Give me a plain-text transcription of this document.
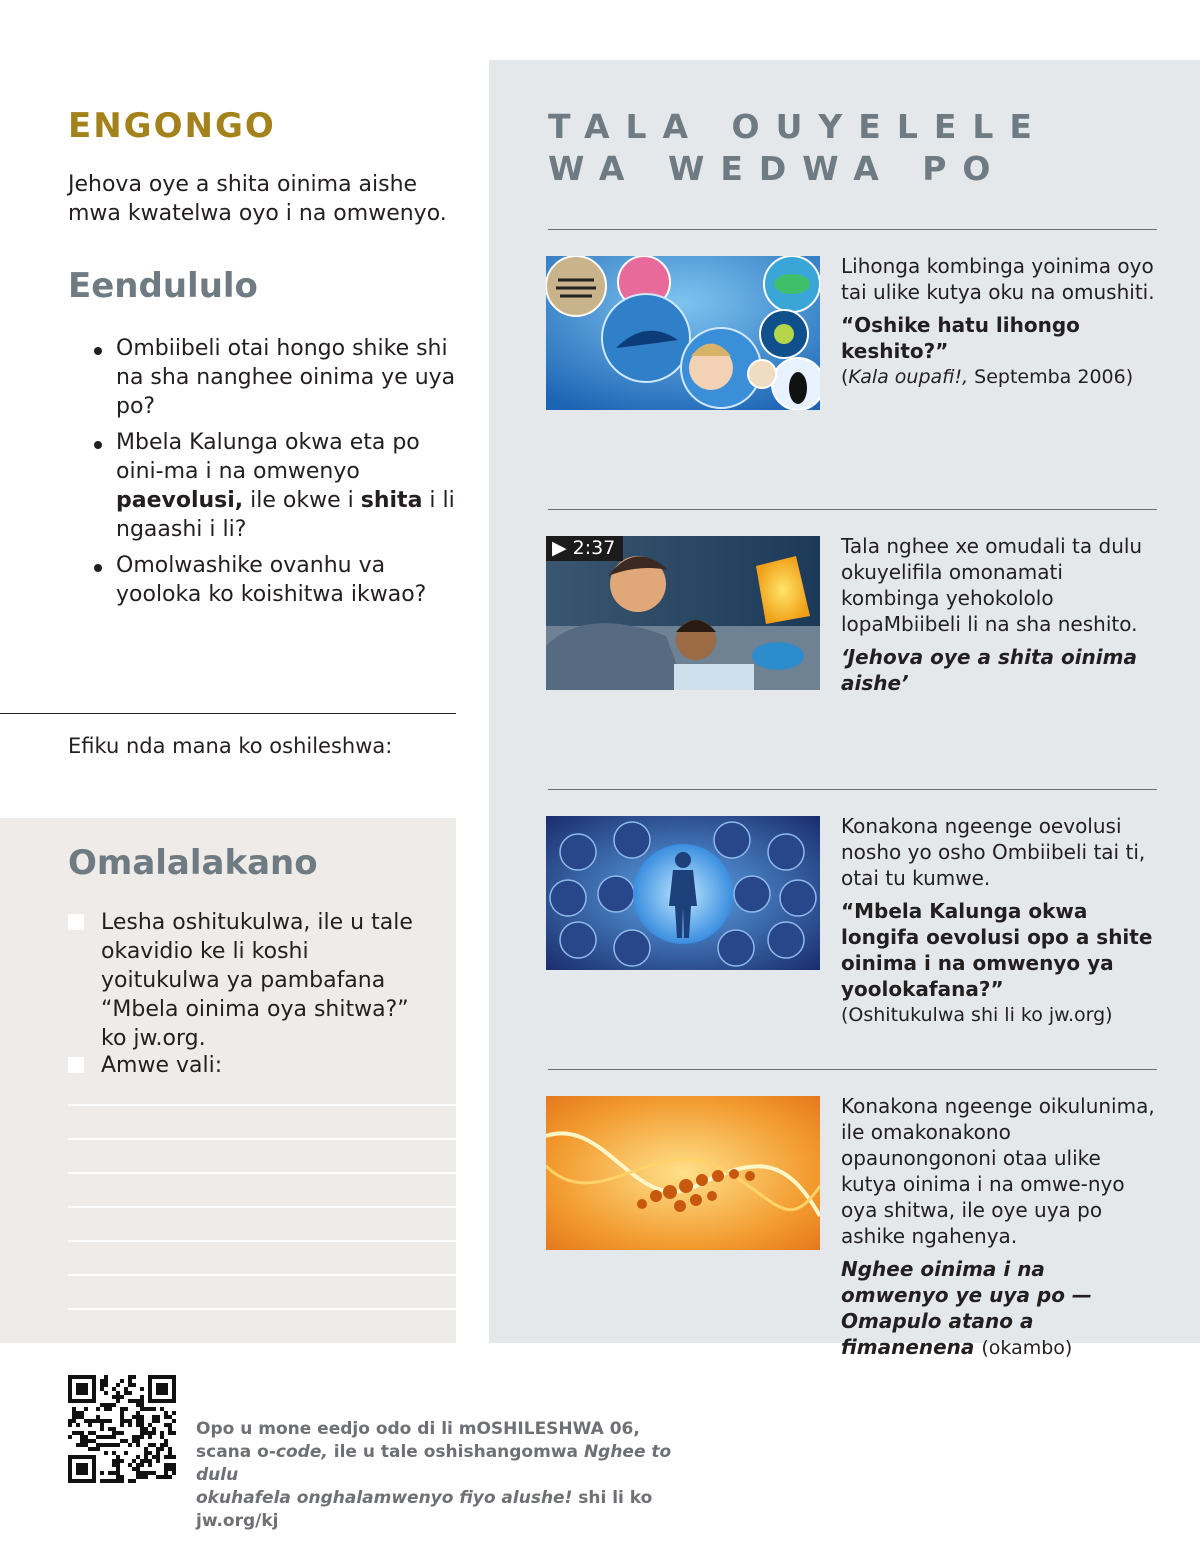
ENGONGO
Jehova oye a shita oinima aishe mwa kwatelwa oyo i na omwenyo.
Eendululo
Ombiibeli otai hongo shike shi na sha nanghee oinima ye uya po?
Mbela Kalunga okwa eta po oini-ma i na omwenyo paevolusi, ile okwe i shita i li ngaashi i li?
Omolwashike ovanhu va yooloka ko koishitwa ikwao?
Efiku nda mana ko oshileshwa:
Omalalakano
Lesha oshitukulwa, ile u tale okavidio ke li koshi yoitukulwa ya pambafana “Mbela oinima oya shitwa?” ko jw.org.
Amwe vali:
TALA OUYELELE WA WEDWA PO
Lihonga kombinga yoinima oyo tai ulike kutya oku na omushiti.
“Oshike hatu lihongo keshito?”
(Kala oupafi!, Septemba 2006)
▶ 2:37	Tala nghee xe omudali ta dulu okuyelifila omonamati kombinga yehokololo lopaMbiibeli li na sha neshito.
‘Jehova oye a shita oinima aishe’
Konakona ngeenge oevolusi nosho yo osho Ombiibeli tai ti, otai tu kumwe.
“Mbela Kalunga okwa longifa oevolusi opo a shite oinima i na omwenyo ya yoolokafana?”
(Oshitukulwa shi li ko jw.org)
Konakona ngeenge oikulunima, ile omakonakono opaunongononi otaa ulike kutya oinima i na omwe-nyo oya shitwa, ile oye uya po ashike ngahenya.
Nghee oinima i na omwenyo ye uya po — Omapulo atano a fimanenena (okambo)
Opo u mone eedjo odo di li mOSHILESHWA 06,
scana o-code, ile u tale oshishangomwa Nghee to dulu
okuhafela onghalamwenyo fiyo alushe! shi li ko jw.org/kj
